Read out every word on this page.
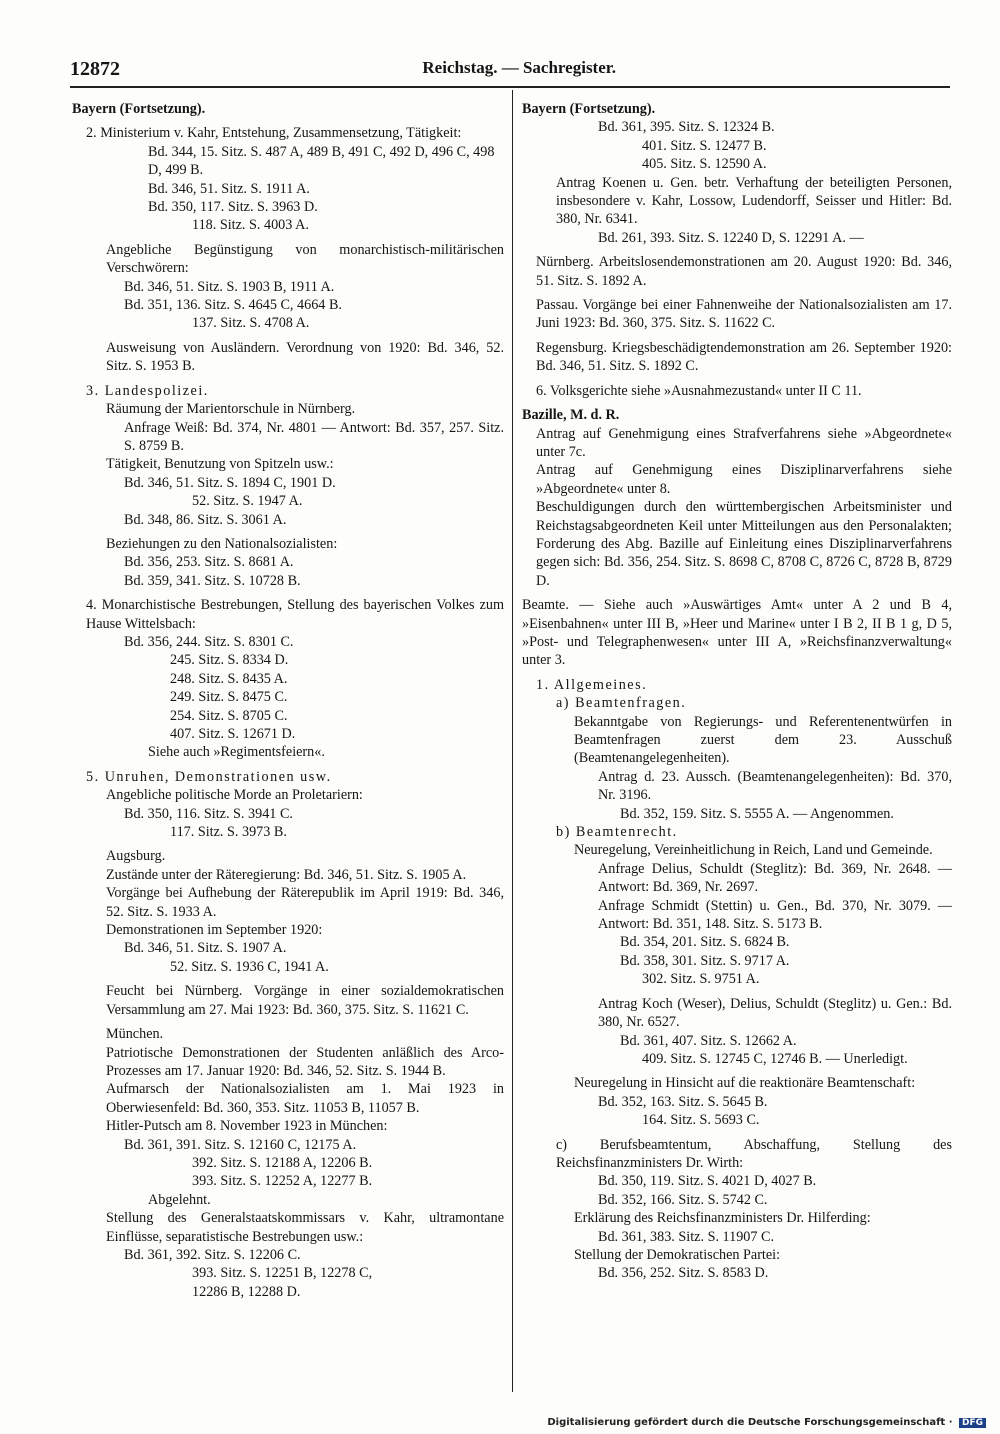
12872	Reichstag. — Sachregister.

Bayern (Fortsetzung).

2. Ministerium v. Kahr, Entstehung, Zusammensetzung, Tätigkeit:

Bd. 344, 15. Sitz. S. 487 A, 489 B, 491 C, 492 D, 496 C, 498 D, 499 B.

Bd. 346, 51. Sitz. S. 1911 A.

Bd. 350, 117. Sitz. S. 3963 D.

118. Sitz. S. 4003 A.

Angebliche Begünstigung von monarchistisch-militärischen Verschwörern:

Bd. 346, 51. Sitz. S. 1903 B, 1911 A.

Bd. 351, 136. Sitz. S. 4645 C, 4664 B.

137. Sitz. S. 4708 A.

Ausweisung von Ausländern. Verordnung von 1920: Bd. 346, 52. Sitz. S. 1953 B.

3. Landespolizei.

Räumung der Marientorschule in Nürnberg.

Anfrage Weiß: Bd. 374, Nr. 4801 — Antwort: Bd. 357, 257. Sitz. S. 8759 B.

Tätigkeit, Benutzung von Spitzeln usw.:

Bd. 346, 51. Sitz. S. 1894 C, 1901 D.

52. Sitz. S. 1947 A.

Bd. 348, 86. Sitz. S. 3061 A.

Beziehungen zu den Nationalsozialisten:

Bd. 356, 253. Sitz. S. 8681 A.

Bd. 359, 341. Sitz. S. 10728 B.

4. Monarchistische Bestrebungen, Stellung des bayerischen Volkes zum Hause Wittelsbach:

Bd. 356, 244. Sitz. S. 8301 C.

245. Sitz. S. 8334 D.

248. Sitz. S. 8435 A.

249. Sitz. S. 8475 C.

254. Sitz. S. 8705 C.

407. Sitz. S. 12671 D.

Siehe auch »Regimentsfeiern«.

5. Unruhen, Demonstrationen usw.

Angebliche politische Morde an Proletariern:

Bd. 350, 116. Sitz. S. 3941 C.

117. Sitz. S. 3973 B.

Augsburg.

Zustände unter der Räteregierung: Bd. 346, 51. Sitz. S. 1905 A.

Vorgänge bei Aufhebung der Räterepublik im April 1919: Bd. 346, 52. Sitz. S. 1933 A.

Demonstrationen im September 1920:

Bd. 346, 51. Sitz. S. 1907 A.

52. Sitz. S. 1936 C, 1941 A.

Feucht bei Nürnberg. Vorgänge in einer sozialdemokratischen Versammlung am 27. Mai 1923: Bd. 360, 375. Sitz. S. 11621 C.

München.

Patriotische Demonstrationen der Studenten anläßlich des Arco-Prozesses am 17. Januar 1920: Bd. 346, 52. Sitz. S. 1944 B.

Aufmarsch der Nationalsozialisten am 1. Mai 1923 in Oberwiesenfeld: Bd. 360, 353. Sitz. 11053 B, 11057 B.

Hitler-Putsch am 8. November 1923 in München:

Bd. 361, 391. Sitz. S. 12160 C, 12175 A.

392. Sitz. S. 12188 A, 12206 B.

393. Sitz. S. 12252 A, 12277 B.

Abgelehnt.

Stellung des Generalstaatskommissars v. Kahr, ultramontane Einflüsse, separatistische Bestrebungen usw.:

Bd. 361, 392. Sitz. S. 12206 C.

393. Sitz. S. 12251 B, 12278 C,

12286 B, 12288 D.

Bayern (Fortsetzung).

Bd. 361, 395. Sitz. S. 12324 B.

401. Sitz. S. 12477 B.

405. Sitz. S. 12590 A.

Antrag Koenen u. Gen. betr. Verhaftung der beteiligten Personen, insbesondere v. Kahr, Lossow, Ludendorff, Seisser und Hitler: Bd. 380, Nr. 6341.

Bd. 261, 393. Sitz. S. 12240 D, S. 12291 A. —

Nürnberg. Arbeitslosendemonstrationen am 20. August 1920: Bd. 346, 51. Sitz. S. 1892 A.

Passau. Vorgänge bei einer Fahnenweihe der Nationalsozialisten am 17. Juni 1923: Bd. 360, 375. Sitz. S. 11622 C.

Regensburg. Kriegsbeschädigtendemonstration am 26. September 1920: Bd. 346, 51. Sitz. S. 1892 C.

6. Volksgerichte siehe »Ausnahmezustand« unter II C 11.

Bazille, M. d. R.

Antrag auf Genehmigung eines Strafverfahrens siehe »Abgeordnete« unter 7c.

Antrag auf Genehmigung eines Disziplinarverfahrens siehe »Abgeordnete« unter 8.

Beschuldigungen durch den württembergischen Arbeitsminister und Reichstagsabgeordneten Keil unter Mitteilungen aus den Personalakten; Forderung des Abg. Bazille auf Einleitung eines Disziplinarverfahrens gegen sich: Bd. 356, 254. Sitz. S. 8698 C, 8708 C, 8726 C, 8728 B, 8729 D.

Beamte. — Siehe auch »Auswärtiges Amt« unter A 2 und B 4, »Eisenbahnen« unter III B, »Heer und Marine« unter I B 2, II B 1 g, D 5, »Post- und Telegraphenwesen« unter III A, »Reichsfinanzverwaltung« unter 3.

1. Allgemeines.

a) Beamtenfragen.

Bekanntgabe von Regierungs- und Referentenentwürfen in Beamtenfragen zuerst dem 23. Ausschuß (Beamtenangelegenheiten).

Antrag d. 23. Aussch. (Beamtenangelegenheiten): Bd. 370, Nr. 3196.

Bd. 352, 159. Sitz. S. 5555 A. — Angenommen.

b) Beamtenrecht.

Neuregelung, Vereinheitlichung in Reich, Land und Gemeinde.

Anfrage Delius, Schuldt (Steglitz): Bd. 369, Nr. 2648. — Antwort: Bd. 369, Nr. 2697.

Anfrage Schmidt (Stettin) u. Gen., Bd. 370, Nr. 3079. — Antwort: Bd. 351, 148. Sitz. S. 5173 B.

Bd. 354, 201. Sitz. S. 6824 B.

Bd. 358, 301. Sitz. S. 9717 A.

302. Sitz. S. 9751 A.

Antrag Koch (Weser), Delius, Schuldt (Steglitz) u. Gen.: Bd. 380, Nr. 6527.

Bd. 361, 407. Sitz. S. 12662 A.

409. Sitz. S. 12745 C, 12746 B. — Unerledigt.

Neuregelung in Hinsicht auf die reaktionäre Beamtenschaft:

Bd. 352, 163. Sitz. S. 5645 B.

164. Sitz. S. 5693 C.

c) Berufsbeamtentum, Abschaffung, Stellung des Reichsfinanzministers Dr. Wirth:

Bd. 350, 119. Sitz. S. 4021 D, 4027 B.

Bd. 352, 166. Sitz. S. 5742 C.

Erklärung des Reichsfinanzministers Dr. Hilferding:

Bd. 361, 383. Sitz. S. 11907 C.

Stellung der Demokratischen Partei:

Bd. 356, 252. Sitz. S. 8583 D.

Digitalisierung gefördert durch die Deutsche Forschungsgemeinschaft · DFG
